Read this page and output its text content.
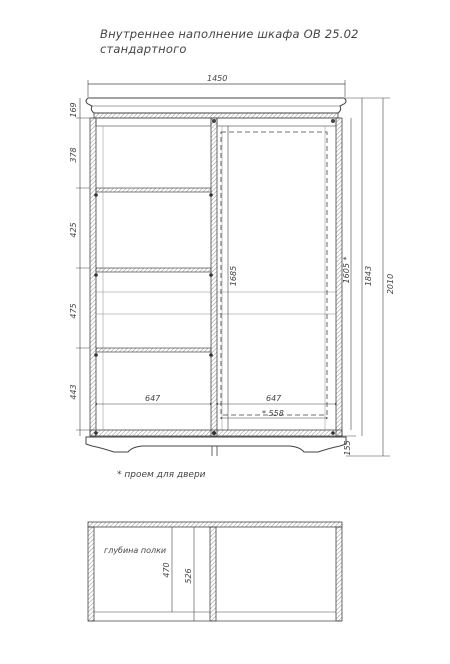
Внутреннее наполнение шкафа ОВ 25.02
стандартного
1450
169
378
425
475
443
1685	1605 * 1843 2010
155
647	647
* 558
глубина полки
470 526
* проем для двери
